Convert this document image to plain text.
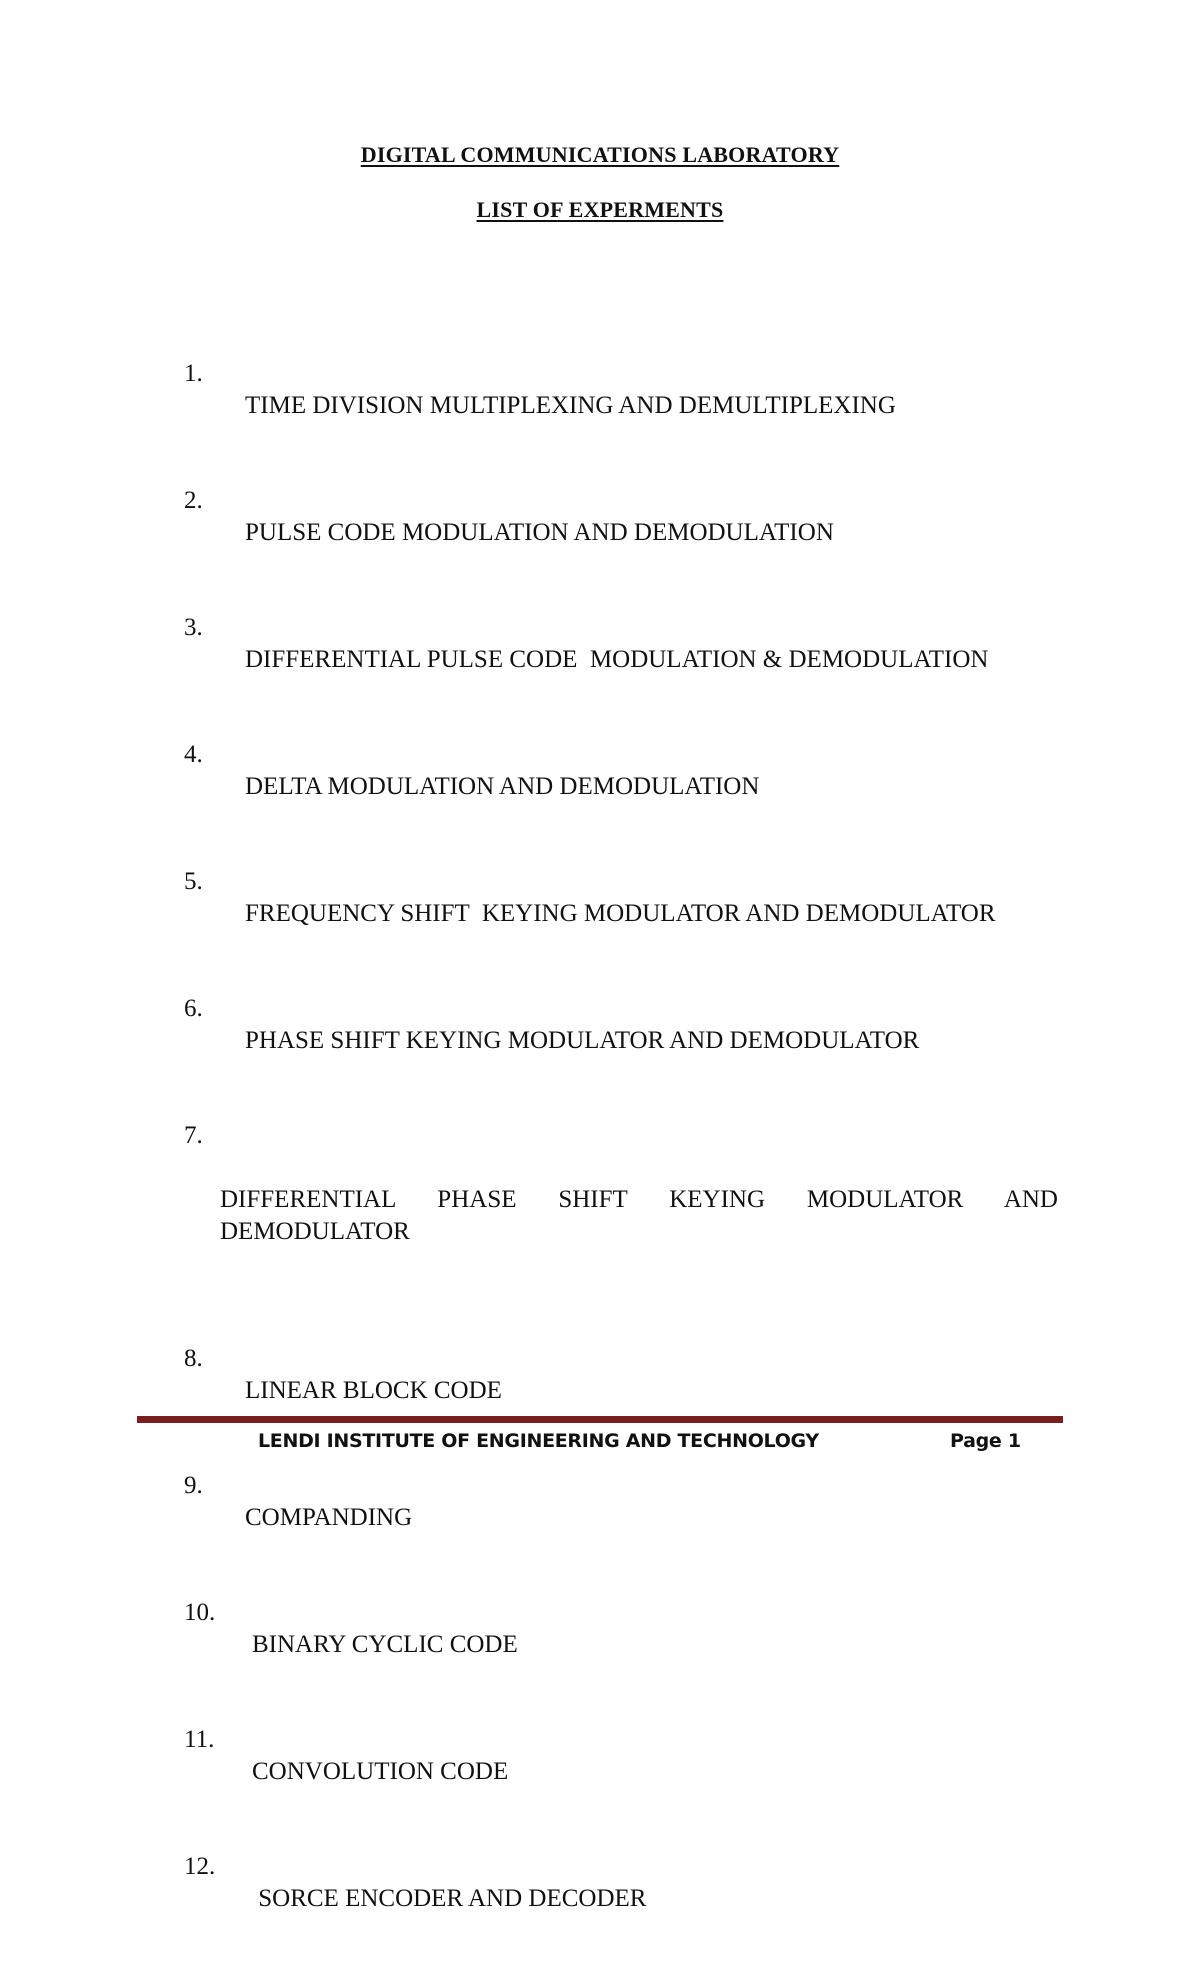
DIGITAL COMMUNICATIONS LABORATORY
LIST OF EXPERMENTS

1.
TIME DIVISION MULTIPLEXING AND DEMULTIPLEXING

2.
PULSE CODE MODULATION AND DEMODULATION

3.
DIFFERENTIAL PULSE CODE  MODULATION & DEMODULATION

4.
DELTA MODULATION AND DEMODULATION

5.
FREQUENCY SHIFT  KEYING MODULATOR AND DEMODULATOR

6.
PHASE SHIFT KEYING MODULATOR AND DEMODULATOR

7.
DIFFERENTIAL PHASE SHIFT KEYING MODULATOR AND DEMODULATOR

8.
LINEAR BLOCK CODE

9.
COMPANDING

10.
BINARY CYCLIC CODE

11.
CONVOLUTION CODE

12.
SORCE ENCODER AND DECODER

LENDI INSTITUTE OF ENGINEERING AND TECHNOLOGY	Page 1
